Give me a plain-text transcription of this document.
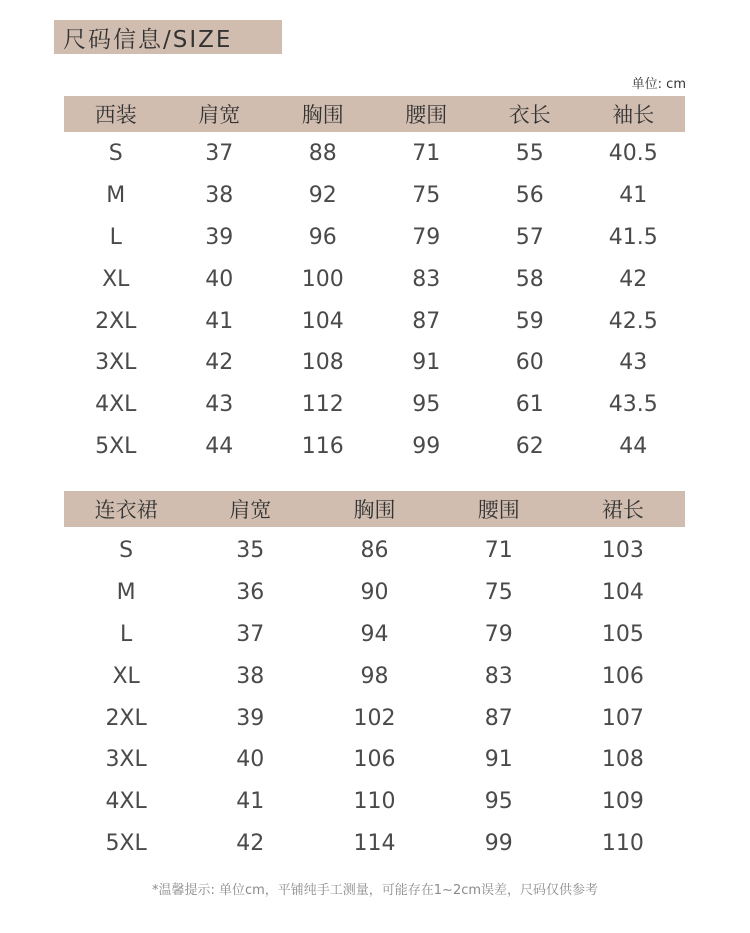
尺码信息/SIZE
单位: cm
西装	肩宽	胸围	腰围	衣长	袖长
S	37	88	71	55	40.5
M	38	92	75	56	41
L	39	96	79	57	41.5
XL	40	100	83	58	42
2XL	41	104	87	59	42.5
3XL	42	108	91	60	43
4XL	43	112	95	61	43.5
5XL	44	116	99	62	44
连衣裙	肩宽	胸围	腰围	裙长
S	35	86	71	103
M	36	90	75	104
L	37	94	79	105
XL	38	98	83	106
2XL	39	102	87	107
3XL	40	106	91	108
4XL	41	110	95	109
5XL	42	114	99	110
*温馨提示: 单位cm，平铺纯手工测量，可能存在1~2cm误差，尺码仅供参考
